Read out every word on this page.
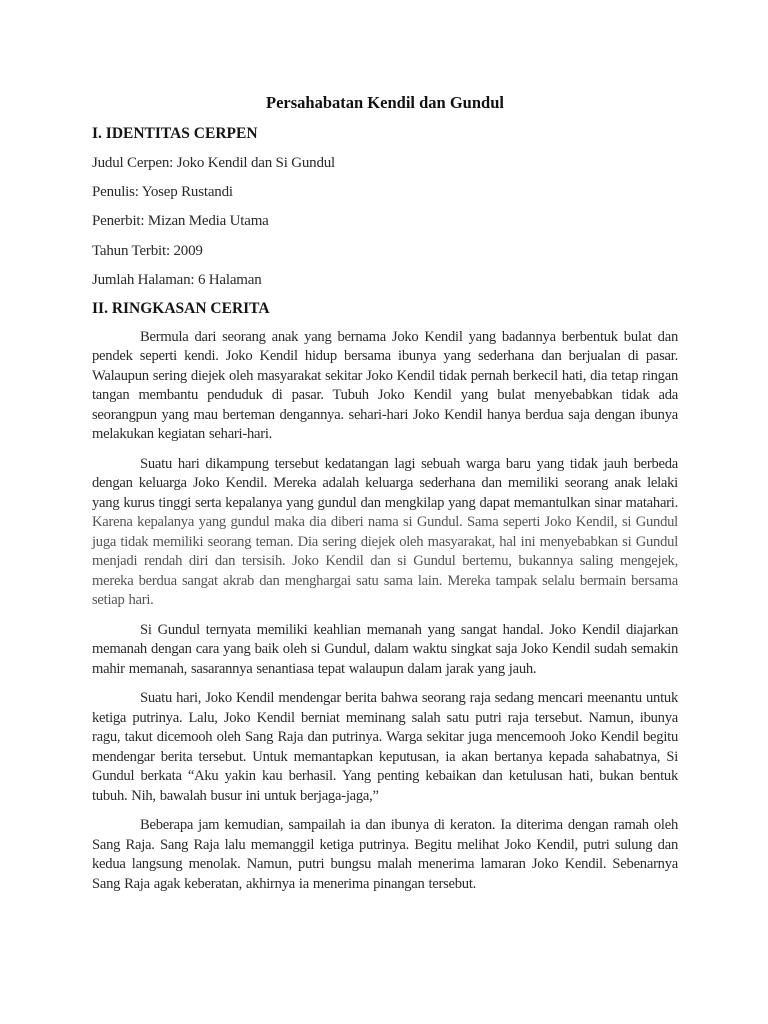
Persahabatan Kendil dan Gundul
I. IDENTITAS CERPEN

Judul Cerpen: Joko Kendil dan Si Gundul

Penulis: Yosep Rustandi

Penerbit: Mizan Media Utama

Tahun Terbit: 2009

Jumlah Halaman: 6 Halaman

II. RINGKASAN CERITA

Bermula dari seorang anak yang bernama Joko Kendil yang badannya berbentuk bulat dan pendek seperti kendi. Joko Kendil hidup bersama ibunya yang sederhana dan berjualan di pasar. Walaupun sering diejek oleh masyarakat sekitar Joko Kendil tidak pernah berkecil hati, dia tetap ringan tangan membantu penduduk di pasar. Tubuh Joko Kendil yang bulat menyebabkan tidak ada seorangpun yang mau berteman dengannya. sehari-hari Joko Kendil hanya berdua saja dengan ibunya melakukan kegiatan sehari-hari.

Suatu hari dikampung tersebut kedatangan lagi sebuah warga baru yang tidak jauh berbeda dengan keluarga Joko Kendil. Mereka adalah keluarga sederhana dan memiliki seorang anak lelaki yang kurus tinggi serta kepalanya yang gundul dan mengkilap yang dapat memantulkan sinar matahari. Karena kepalanya yang gundul maka dia diberi nama si Gundul. Sama seperti Joko Kendil, si Gundul juga tidak memiliki seorang teman. Dia sering diejek oleh masyarakat, hal ini menyebabkan si Gundul menjadi rendah diri dan tersisih. Joko Kendil dan si Gundul bertemu, bukannya saling mengejek, mereka berdua sangat akrab dan menghargai satu sama lain. Mereka tampak selalu bermain bersama setiap hari.

Si Gundul ternyata memiliki keahlian memanah yang sangat handal. Joko Kendil diajarkan memanah dengan cara yang baik oleh si Gundul, dalam waktu singkat saja Joko Kendil sudah semakin mahir memanah, sasarannya senantiasa tepat walaupun dalam jarak yang jauh.

Suatu hari, Joko Kendil mendengar berita bahwa seorang raja sedang mencari meenantu untuk ketiga putrinya. Lalu, Joko Kendil berniat meminang salah satu putri raja tersebut. Namun, ibunya ragu, takut dicemooh oleh Sang Raja dan putrinya. Warga sekitar juga mencemooh Joko Kendil begitu mendengar berita tersebut. Untuk memantapkan keputusan, ia akan bertanya kepada sahabatnya, Si Gundul berkata “Aku yakin kau berhasil. Yang penting kebaikan dan ketulusan hati, bukan bentuk tubuh. Nih, bawalah busur ini untuk berjaga-jaga,”

Beberapa jam kemudian, sampailah ia dan ibunya di keraton. Ia diterima dengan ramah oleh Sang Raja. Sang Raja lalu memanggil ketiga putrinya. Begitu melihat Joko Kendil, putri sulung dan kedua langsung menolak. Namun, putri bungsu malah menerima lamaran Joko Kendil. Sebenarnya Sang Raja agak keberatan, akhirnya ia menerima pinangan tersebut.
